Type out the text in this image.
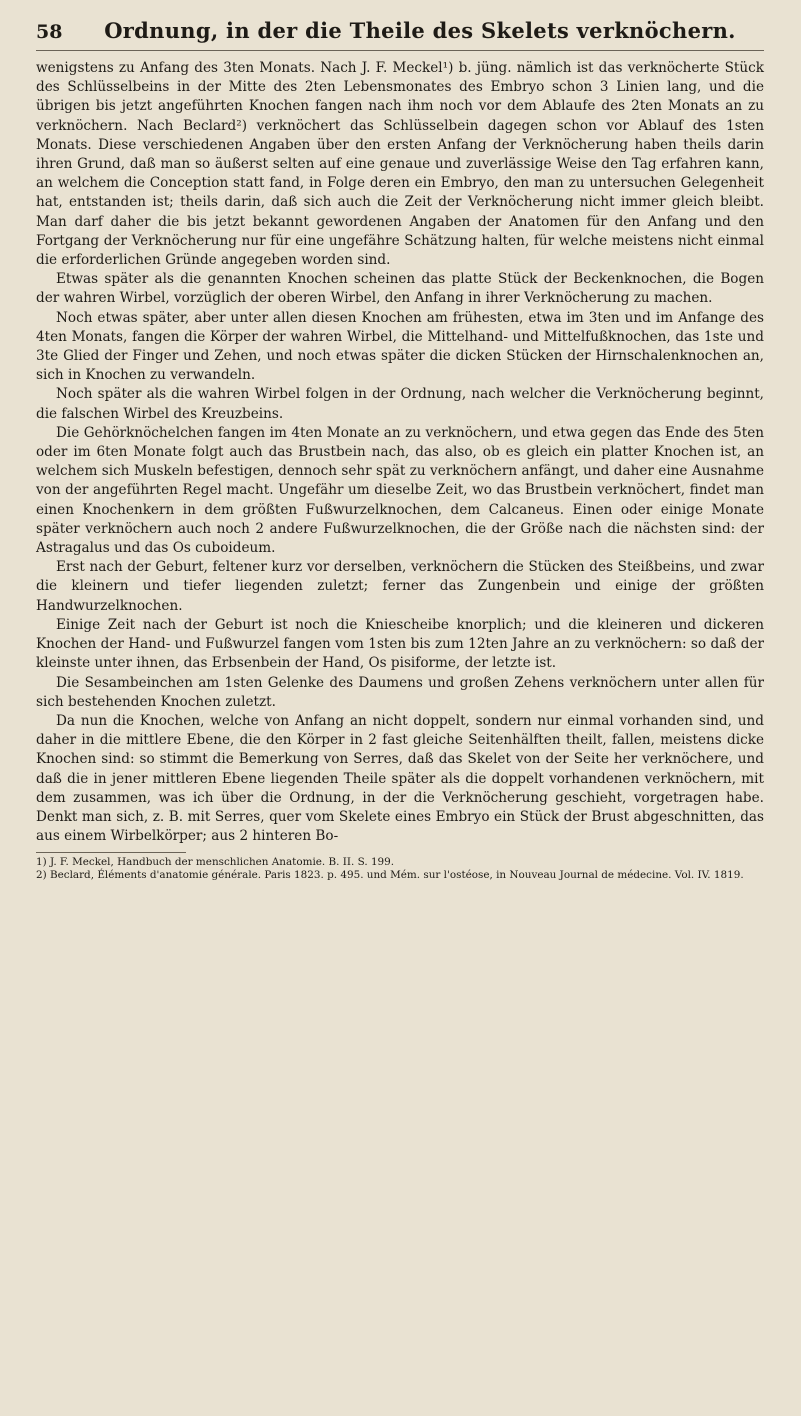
58	Ordnung, in der die Theile des Skelets verknöchern.

wenigstens zu Anfang des 3ten Monats. Nach J. F. Meckel¹) b. jüng. nämlich ist das verknöcherte Stück des Schlüsselbeins in der Mitte des 2ten Lebensmonates des Embryo schon 3 Linien lang, und die übrigen bis jetzt angeführten Knochen fangen nach ihm noch vor dem Ablaufe des 2ten Monats an zu verknöchern. Nach Beclard²) verknöchert das Schlüsselbein dagegen schon vor Ablauf des 1sten Monats. Diese verschiedenen Angaben über den ersten Anfang der Verknöcherung haben theils darin ihren Grund, daß man so äußerst selten auf eine genaue und zuverlässige Weise den Tag erfahren kann, an welchem die Conception statt fand, in Folge deren ein Embryo, den man zu untersuchen Gelegenheit hat, entstanden ist; theils darin, daß sich auch die Zeit der Verknöcherung nicht immer gleich bleibt. Man darf daher die bis jetzt bekannt gewordenen Angaben der Anatomen für den Anfang und den Fortgang der Verknöcherung nur für eine ungefähre Schätzung halten, für welche meistens nicht einmal die erforderlichen Gründe angegeben worden sind.

Etwas später als die genannten Knochen scheinen das platte Stück der Beckenknochen, die Bogen der wahren Wirbel, vorzüglich der oberen Wirbel, den Anfang in ihrer Verknöcherung zu machen.

Noch etwas später, aber unter allen diesen Knochen am frühesten, etwa im 3ten und im Anfange des 4ten Monats, fangen die Körper der wahren Wirbel, die Mittelhand- und Mittelfußknochen, das 1ste und 3te Glied der Finger und Zehen, und noch etwas später die dicken Stücken der Hirnschalenknochen an, sich in Knochen zu verwandeln.

Noch später als die wahren Wirbel folgen in der Ordnung, nach welcher die Verknöcherung beginnt, die falschen Wirbel des Kreuzbeins.

Die Gehörknöchelchen fangen im 4ten Monate an zu verknöchern, und etwa gegen das Ende des 5ten oder im 6ten Monate folgt auch das Brustbein nach, das also, ob es gleich ein platter Knochen ist, an welchem sich Muskeln befestigen, dennoch sehr spät zu verknöchern anfängt, und daher eine Ausnahme von der angeführten Regel macht. Ungefähr um dieselbe Zeit, wo das Brustbein verknöchert, findet man einen Knochenkern in dem größten Fußwurzelknochen, dem Calcaneus. Einen oder einige Monate später verknöchern auch noch 2 andere Fußwurzelknochen, die der Größe nach die nächsten sind: der Astragalus und das Os cuboideum.

Erst nach der Geburt, feltener kurz vor derselben, verknöchern die Stücken des Steißbeins, und zwar die kleinern und tiefer liegenden zuletzt; ferner das Zungenbein und einige der größten Handwurzelknochen.

Einige Zeit nach der Geburt ist noch die Kniescheibe knorplich; und die kleineren und dickeren Knochen der Hand- und Fußwurzel fangen vom 1sten bis zum 12ten Jahre an zu verknöchern: so daß der kleinste unter ihnen, das Erbsenbein der Hand, Os pisiforme, der letzte ist.

Die Sesambeinchen am 1sten Gelenke des Daumens und großen Zehens verknöchern unter allen für sich bestehenden Knochen zuletzt.

Da nun die Knochen, welche von Anfang an nicht doppelt, sondern nur einmal vorhanden sind, und daher in die mittlere Ebene, die den Körper in 2 fast gleiche Seitenhälften theilt, fallen, meistens dicke Knochen sind: so stimmt die Bemerkung von Serres, daß das Skelet von der Seite her verknöchere, und daß die in jener mittleren Ebene liegenden Theile später als die doppelt vorhandenen verknöchern, mit dem zusammen, was ich über die Ordnung, in der die Verknöcherung geschieht, vorgetragen habe. Denkt man sich, z. B. mit Serres, quer vom Skelete eines Embryo ein Stück der Brust abgeschnitten, das aus einem Wirbelkörper; aus 2 hinteren Bo-

1) J. F. Meckel, Handbuch der menschlichen Anatomie. B. II. S. 199.

2) Beclard, Éléments d'anatomie générale. Paris 1823. p. 495. und Mém. sur l'ostéose, in Nouveau Journal de médecine. Vol. IV. 1819.
